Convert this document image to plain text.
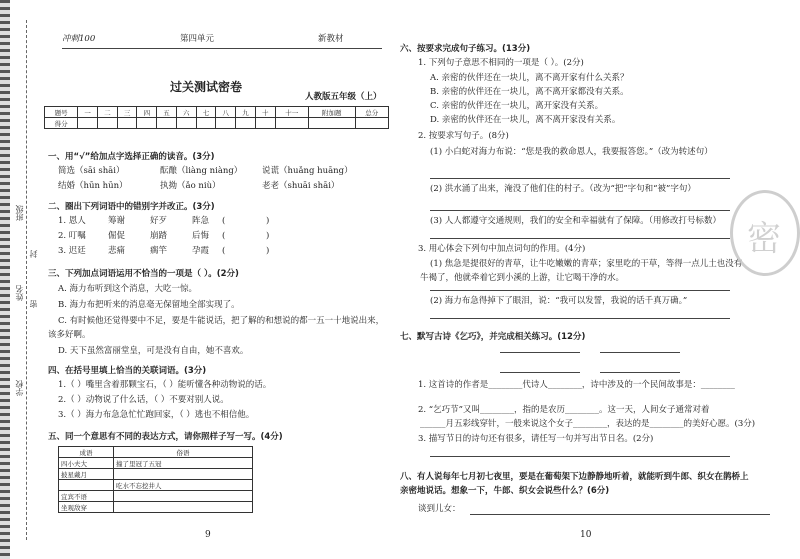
学校
姓名
班级
密
封
冲刺100	第四单元	新教材
过关测试密卷
人教版五年级（上）
题号	一	二	三	四	五	六	七	八	九	十	十一	附加题	总分
得分													
一、用“√”给加点字选择正确的读音。(3分)
简选（sāi shāi）	酝酿（liàng niàng） 说谎（huǎng huāng）
结婚（hūn hūn）	执拗（ǎo niù）	老老（shuāi shāi）
二、圈出下列词语中的错别字并改正。(3分)
1. 恩人	筹谢	好歹	阵急 (	)
2. 叮嘱	倔促	崩踏	后悔 (	)
3. 迟廷	悲痛	瘸竿	孕霞 (	)
三、下列加点词语运用不恰当的一项是（ ）。(2分)
A. 海力布听到这个消息，大吃一惊。
B. 海力布把听来的消息毫无保留地全部实现了。
C. 有时候他还觉得要中不足，要是牛能说话，把了解的和想说的都一五一十地说出来，
该多好啊。
D. 天下虽然富丽堂皇，可是没有自由，她不喜欢。
四、在括号里填上恰当的关联词语。(3分)
1.（ ）嘴里含着那颗宝石，（ ）能听懂各种动物说的话。
2.（ ）动物说了什么话，（ ）不要对别人说。
3.（ ）海力布急急忙忙跑回家，（ ）逃也不相信他。
五、同一个意思有不同的表达方式，请你照样子写一写。(4分)
成语	俗语
四小夫大	撞了里冠了五冠
披星戴月	
	吃水不忘挖井人
宜宾不语	
坐观敌穿	
9
六、按要求完成句子练习。(13分)
1. 下列句子意思不相同的一项是（ ）。(2分)
A. 亲密的伙伴还在一块儿，离不离开家有什么关系？
B. 亲密的伙伴还在一块儿，离不离开家都没有关系。
C. 亲密的伙伴还在一块儿，离开家没有关系。
D. 亲密的伙伴还在一块儿，离不离开家没有关系。
2. 按要求写句子。(8分)
(1) 小白蛇对海力布说：“您是我的救命恩人，我要报答您。”（改为转述句）
(2) 洪水涌了出来，淹没了他们住的村子。（改为“把”字句和“被”字句）
(3) 人人都遵守交通规则，我们的安全和幸福就有了保障。（用修改打号标数）
3. 用心体会下列句中加点词句的作用。(4分)
(1) 焦急是提很好的青草，让牛吃嫩嫩的青草；家里吃的干草，等得一点儿土也没有
牛褐了，他就牵着它到小溪的上游，让它喝干净的水。
(2) 海力布急得掉下了眼泪，说：“我可以发誓，我说的话千真万确。”
密
七、默写古诗《乞巧》，并完成相关练习。(12分)
1. 这首诗的作者是________代诗人________，诗中涉及的一个民间故事是：________
2. “乞巧节”又叫________，指的是农历________。这一天，人间女子通常对着
______月五彩线穿针，一般来说这个女子________，表达的是________的美好心愿。(3分)
3. 描写节日的诗句还有很多，请任写一句并写出节日名。(2分)
八、有人说每年七月初七夜里，要是在葡萄架下边静静地听着，就能听到牛郎、织女在鹊桥上
亲密地说话。想象一下，牛郎、织女会说些什么？(6分)
谈到儿女：
10
